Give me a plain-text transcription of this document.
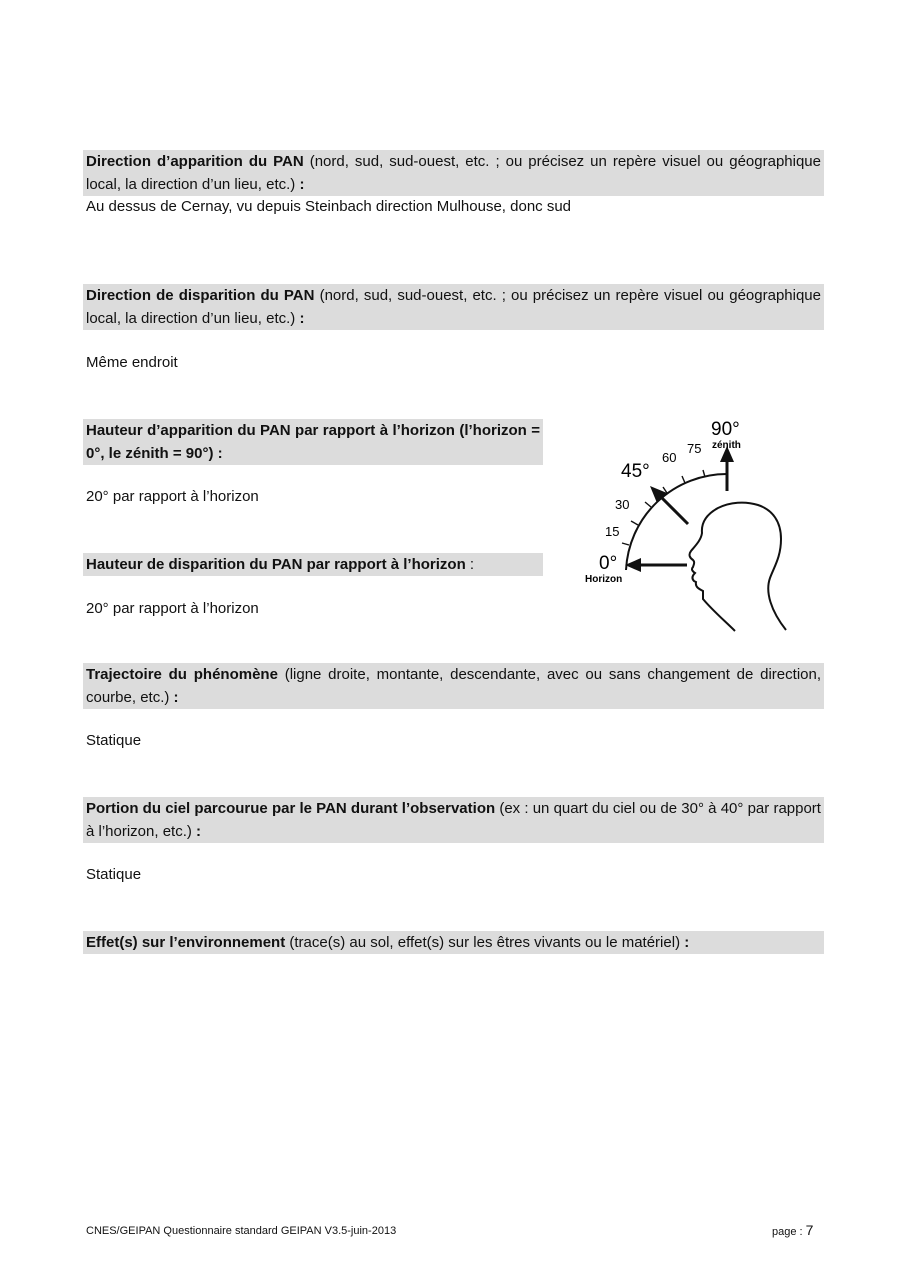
Direction d’apparition du PAN (nord, sud, sud-ouest, etc. ; ou précisez un repère visuel ou géographique local, la direction d’un lieu, etc.) :
Au dessus de Cernay, vu depuis Steinbach direction Mulhouse, donc sud
Direction de disparition du PAN (nord, sud, sud-ouest, etc. ; ou précisez un repère visuel ou géographique local, la direction d’un lieu, etc.) :
Même endroit
Hauteur d’apparition du PAN par rapport à l’horizon (l’horizon = 0°, le zénith = 90°) :
20° par rapport à l’horizon
Hauteur de disparition du PAN par rapport à l’horizon :
20° par rapport à l’horizon
Trajectoire du phénomène (ligne droite, montante, descendante, avec ou sans changement de direction, courbe, etc.) :
Statique
Portion du ciel parcourue par le PAN durant l’observation (ex : un quart du ciel ou de 30° à 40° par rapport à l’horizon, etc.) :
Statique
Effet(s) sur l’environnement (trace(s) au sol, effet(s) sur les êtres vivants ou le matériel) :
0°
Horizon
15
30
45°
60
75
90°
zénith
CNES/GEIPAN Questionnaire standard GEIPAN V3.5-juin-2013	page : 7
